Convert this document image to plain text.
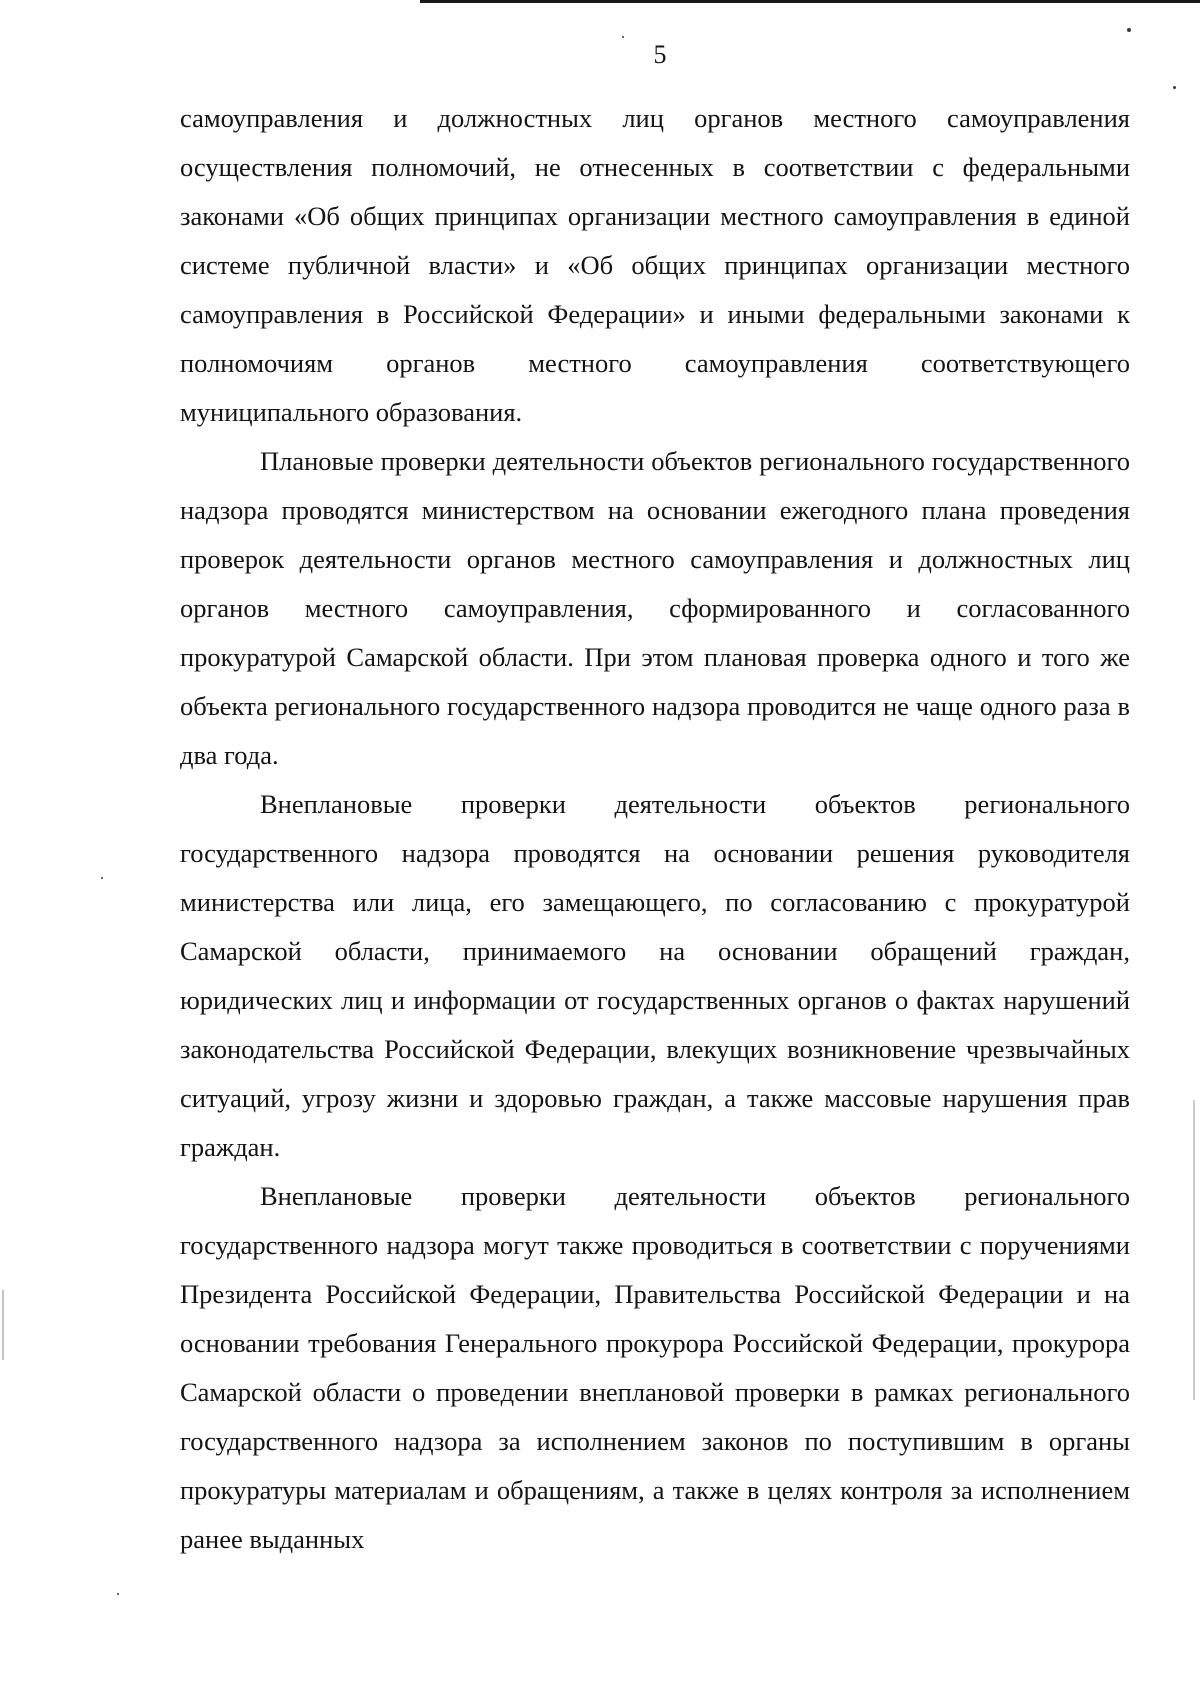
5

самоуправления и должностных лиц органов местного самоуправления осуществления полномочий, не отнесенных в соответствии с федеральными законами «Об общих принципах организации местного самоуправления в единой системе публичной власти» и «Об общих принципах организации местного самоуправления в Российской Федерации» и иными федеральными законами к полномочиям органов местного самоуправления соответствующего муниципального образования.

Плановые проверки деятельности объектов регионального государственного надзора проводятся министерством на основании ежегодного плана проведения проверок деятельности органов местного самоуправления и должностных лиц органов местного самоуправления, сформированного и согласованного прокуратурой Самарской области. При этом плановая проверка одного и того же объекта регионального государственного надзора проводится не чаще одного раза в два года.

Внеплановые проверки деятельности объектов регионального государственного надзора проводятся на основании решения руководителя министерства или лица, его замещающего, по согласованию с прокуратурой Самарской области, принимаемого на основании обращений граждан, юридических лиц и информации от государственных органов о фактах нарушений законодательства Российской Федерации, влекущих возникновение чрезвычайных ситуаций, угрозу жизни и здоровью граждан, а также массовые нарушения прав граждан.

Внеплановые проверки деятельности объектов регионального государственного надзора могут также проводиться в соответствии с поручениями Президента Российской Федерации, Правительства Российской Федерации и на основании требования Генерального прокурора Российской Федерации, прокурора Самарской области о проведении внеплановой проверки в рамках регионального государственного надзора за исполнением законов по поступившим в органы прокуратуры материалам и обращениям, а также в целях контроля за исполнением ранее выданных
